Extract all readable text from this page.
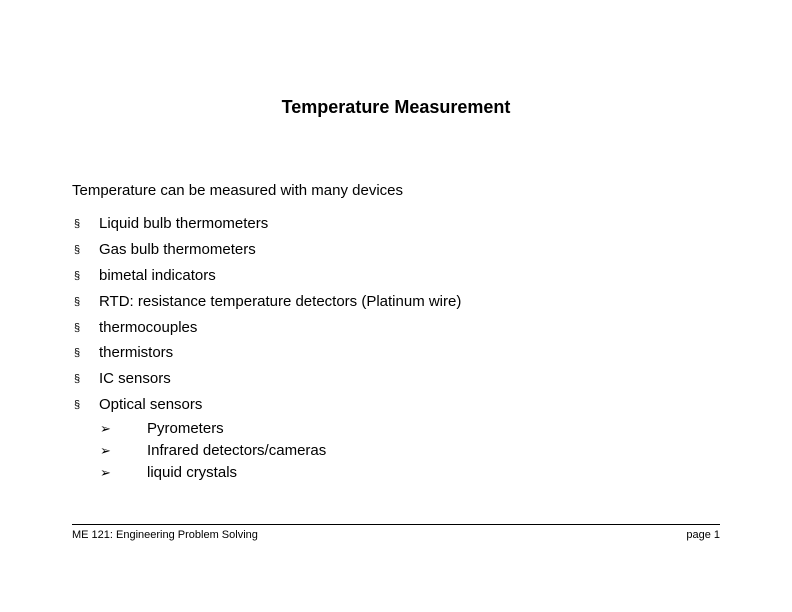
Temperature Measurement
Temperature can be measured with many devices
§ Liquid bulb thermometers
§ Gas bulb thermometers
§ bimetal indicators
§ RTD: resistance temperature detectors (Platinum wire)
§ thermocouples
§ thermistors
§ IC sensors
§ Optical sensors
➢ Pyrometers
➢ Infrared detectors/cameras
➢ liquid crystals
ME 121: Engineering Problem Solving	page 1
